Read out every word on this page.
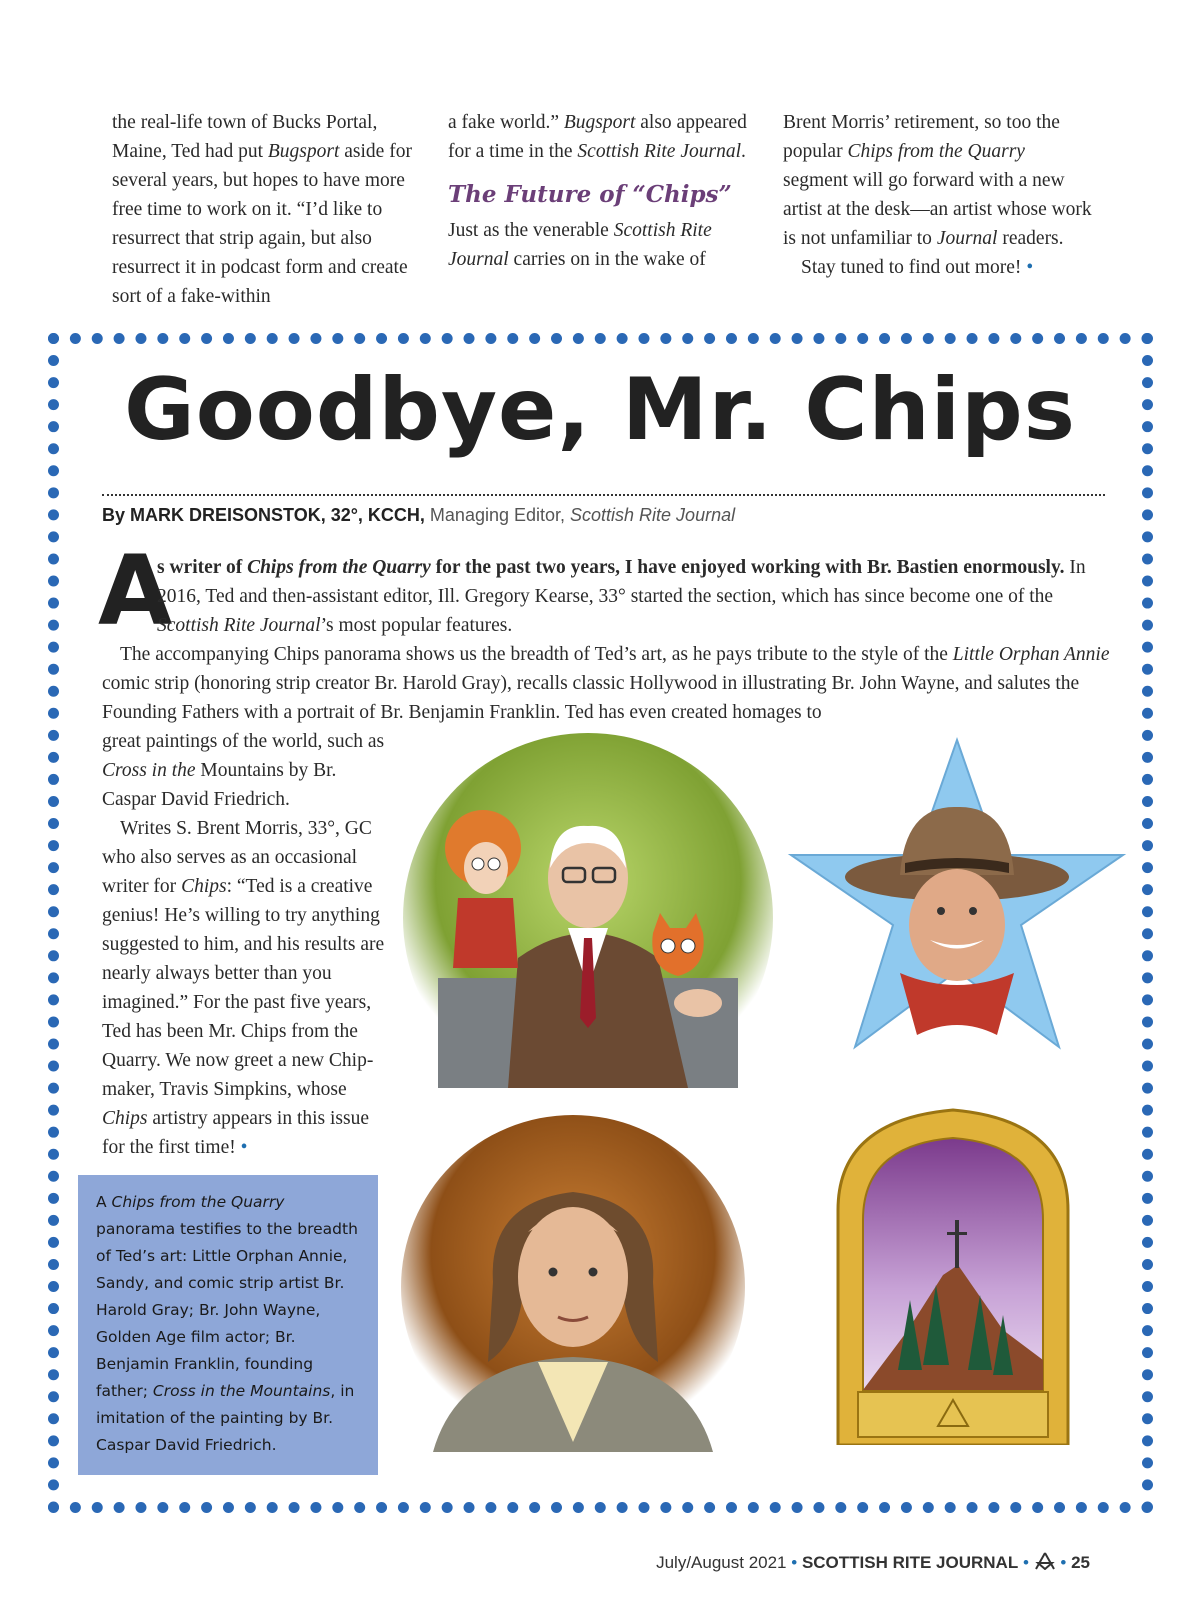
the real-life town of Bucks Portal, Maine, Ted had put Bugsport aside for several years, but hopes to have more free time to work on it. “I’d like to resurrect that strip again, but also resurrect it in podcast form and create sort of a fake-within

a fake world.” Bugsport also appeared for a time in the Scottish Rite Journal.

The Future of “Chips”

Just as the venerable Scottish Rite Journal carries on in the wake of

Brent Morris’ retirement, so too the popular Chips from the Quarry segment will go forward with a new artist at the desk—an artist whose work is not unfamiliar to Journal readers.

Stay tuned to find out more! •

Goodbye, Mr. Chips
By MARK DREISONSTOK, 32°, KCCH, Managing Editor, Scottish Rite Journal
A

s writer of Chips from the Quarry for the past two years, I have enjoyed working with Br. Bastien enormously. In 2016, Ted and then-assistant editor, Ill. Gregory Kearse, 33° started the section, which has since become one of the Scottish Rite Journal’s most popular features.

The accompanying Chips panorama shows us the breadth of Ted’s art, as he pays tribute to the style of the Little Orphan Annie comic strip (honoring strip creator Br. Harold Gray), recalls classic Hollywood in illustrating Br. John Wayne, and salutes the Founding Fathers with a portrait of Br. Benjamin Franklin. Ted has even created homages to

great paintings of the world, such as Cross in the Mountains by Br. Caspar David Friedrich.

Writes S. Brent Morris, 33°, GC who also serves as an occasional writer for Chips: “Ted is a creative genius! He’s willing to try anything suggested to him, and his results are nearly always better than you imagined.” For the past five years, Ted has been Mr. Chips from the Quarry. We now greet a new Chip-maker, Travis Simpkins, whose Chips artistry appears in this issue for the first time! •

A Chips from the Quarry panorama testifies to the breadth of Ted’s art: Little Orphan Annie, Sandy, and comic strip artist Br. Harold Gray; Br. John Wayne, Golden Age film actor; Br. Benjamin Franklin, founding father; Cross in the Mountains, in imitation of the painting by Br. Caspar David Friedrich.

July/August 2021 • SCOTTISH RITE JOURNAL • • 25
